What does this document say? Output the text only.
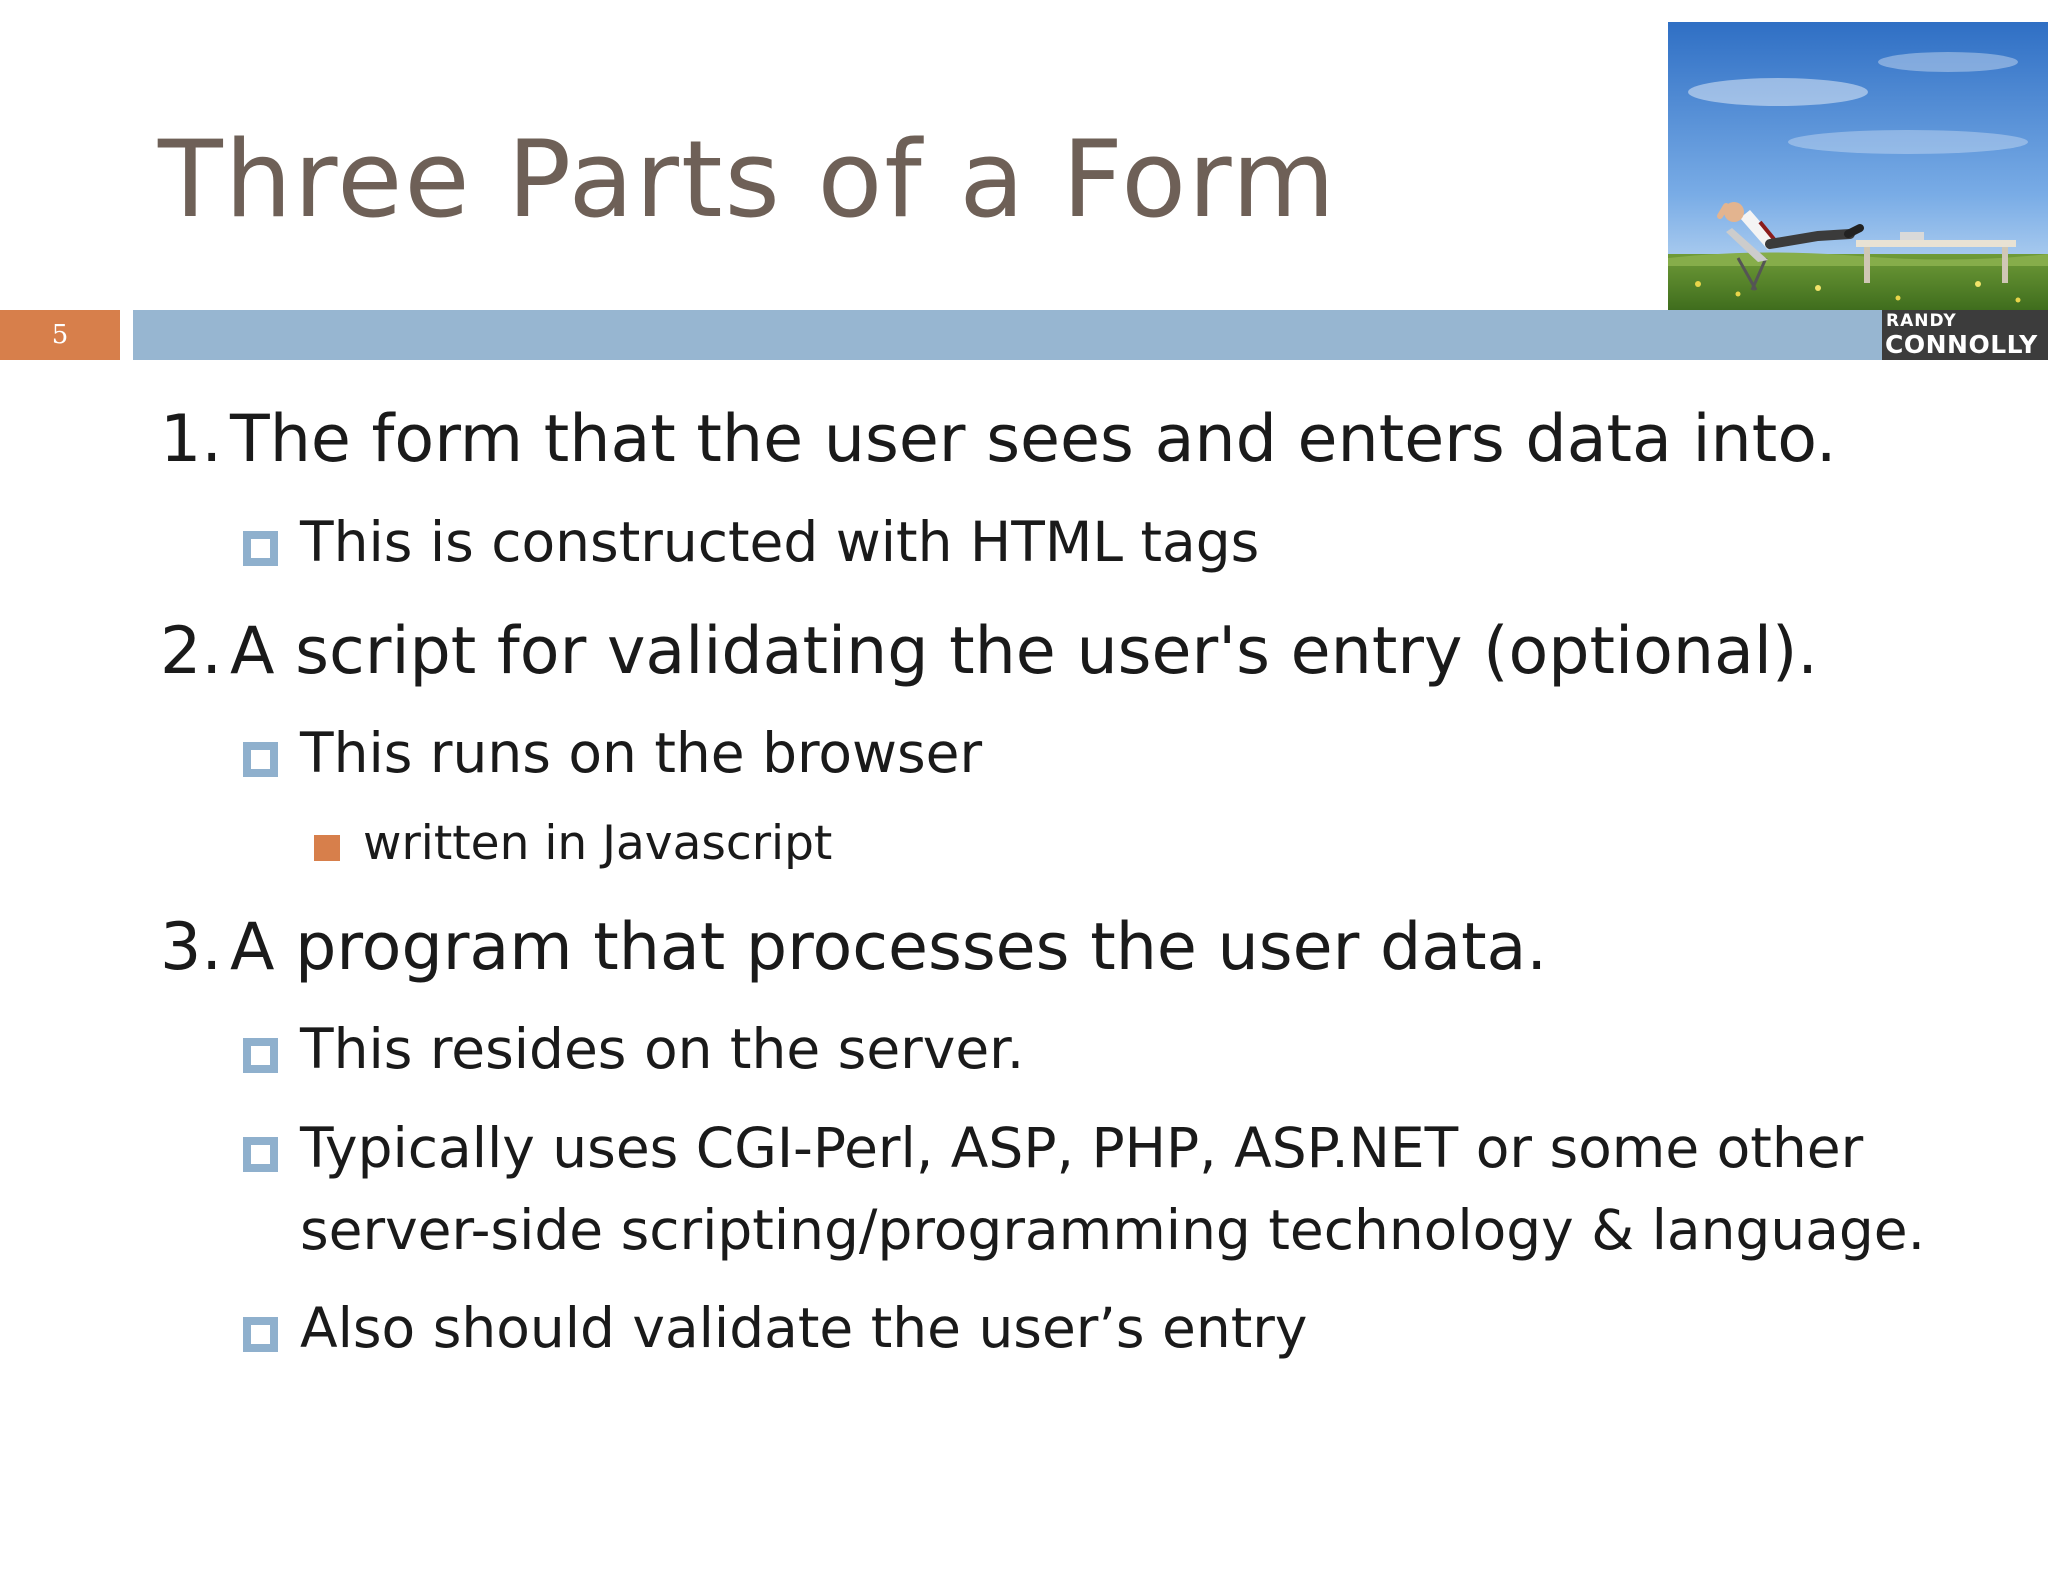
Three Parts of a Form
5	RANDY
CONNOLLY
1. The form that the user sees and enters data into.
This is constructed with HTML tags
2. A script for validating the user's entry (optional).
This runs on the browser
written in Javascript
3. A program that processes the user data.
This resides on the server.
Typically uses CGI-Perl, ASP, PHP, ASP.NET or some other
server-side scripting/programming technology & language.
Also should validate the user’s entry
